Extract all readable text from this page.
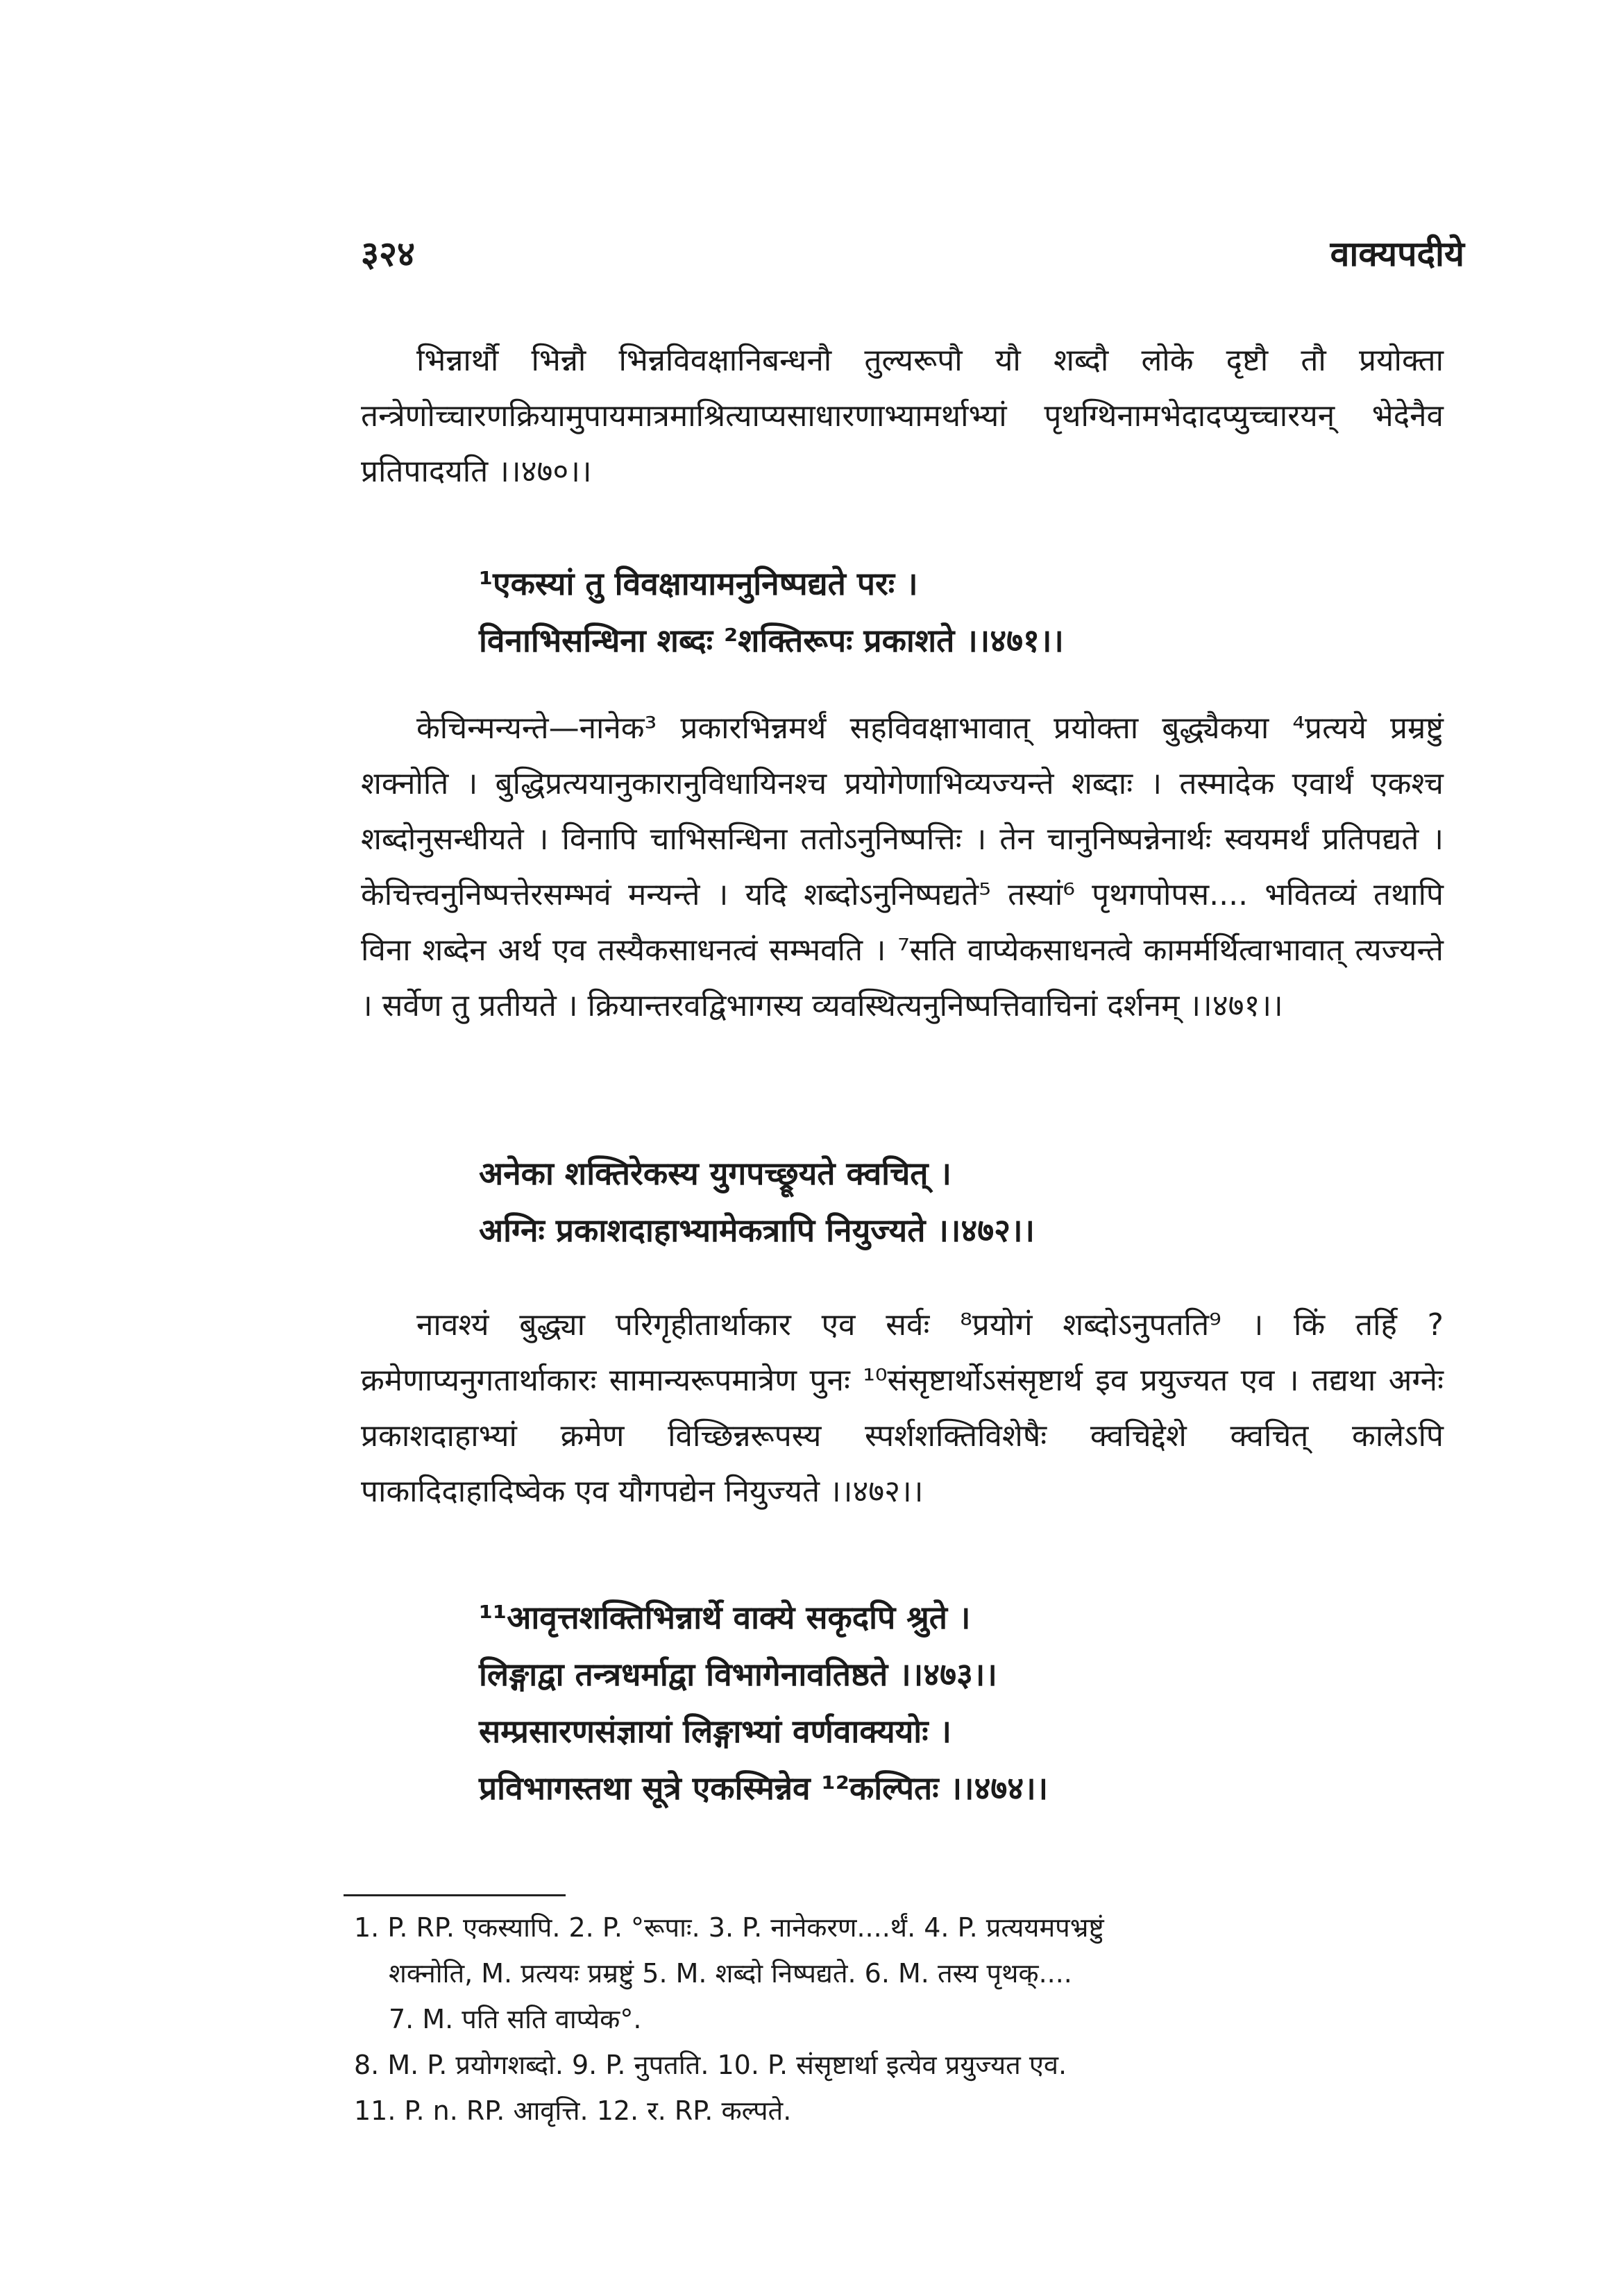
३२४	वाक्यपदीये

भिन्नार्थौ भिन्नौ भिन्नविवक्षानिबन्धनौ तुल्यरूपौ यौ शब्दौ लोके दृष्टौ तौ प्रयोक्ता तन्त्रेणोच्चारणक्रियामुपायमात्रमाश्रित्याप्यसाधारणाभ्यामर्थाभ्यां पृथग्थिनामभेदादप्युच्चारयन् भेदेनैव प्रतिपादयति ।।४७०।।

¹एकस्यां तु विवक्षायामनुनिष्पद्यते परः ।

विनाभिसन्धिना शब्दः ²शक्तिरूपः प्रकाशते ।।४७१।।

केचिन्मन्यन्ते—नानेक³ प्रकारभिन्नमर्थं सहविवक्षाभावात् प्रयोक्ता बुद्ध्यैकया ⁴प्रत्यये प्रम्रष्टुं शक्नोति । बुद्धिप्रत्ययानुकारानुविधायिनश्च प्रयोगेणाभिव्यज्यन्ते शब्दाः । तस्मादेक एवार्थं एकश्च शब्दोनुसन्धीयते । विनापि चाभिसन्धिना ततोऽनुनिष्पत्तिः । तेन चानुनिष्पन्नेनार्थः स्वयमर्थं प्रतिपद्यते । केचित्त्वनुनिष्पत्तेरसम्भवं मन्यन्ते । यदि शब्दोऽनुनिष्पद्यते⁵ तस्यां⁶ पृथगपोपस.... भवितव्यं तथापि विना शब्देन अर्थ एव तस्यैकसाधनत्वं सम्भवति । ⁷सति वाप्येकसाधनत्वे कामर्मर्थित्वाभावात् त्यज्यन्ते । सर्वेण तु प्रतीयते । क्रियान्तरवद्विभागस्य व्यवस्थित्यनुनिष्पत्तिवाचिनां दर्शनम् ।।४७१।।

अनेका शक्तिरेकस्य युगपच्छ्रूयते क्वचित् ।

अग्निः प्रकाशदाहाभ्यामेकत्रापि नियुज्यते ।।४७२।।

नावश्यं बुद्ध्या परिगृहीतार्थाकार एव सर्वः ⁸प्रयोगं शब्दोऽनुपतति⁹ । किं तर्हि ? क्रमेणाप्यनुगतार्थाकारः सामान्यरूपमात्रेण पुनः ¹⁰संसृष्टार्थोऽसंसृष्टार्थ इव प्रयुज्यत एव । तद्यथा अग्नेः प्रकाशदाहाभ्यां क्रमेण विच्छिन्नरूपस्य स्पर्शशक्तिविशेषैः क्वचिद्देशे क्वचित् कालेऽपि पाकादिदाहादिष्वेक एव यौगपद्येन नियुज्यते ।।४७२।।

¹¹आवृत्तशक्तिभिन्नार्थे वाक्ये सकृदपि श्रुते ।

लिङ्गाद्वा तन्त्रधर्माद्वा विभागेनावतिष्ठते ।।४७३।।

सम्प्रसारणसंज्ञायां लिङ्गाभ्यां वर्णवाक्ययोः ।

प्रविभागस्तथा सूत्रे एकस्मिन्नेव ¹²कल्पितः ।।४७४।।

1. P. RP. एकस्यापि. 2. P. °रूपाः. 3. P. नानेकरण....र्थं. 4. P. प्रत्ययमपभ्रष्टुं

शक्नोति, M. प्रत्ययः प्रम्रष्टुं 5. M. शब्दो निष्पद्यते. 6. M. तस्य पृथक्....

7. M. पति सति वाप्येक°.

8. M. P. प्रयोगशब्दो. 9. P. नुपतति. 10. P. संसृष्टार्था इत्येव प्रयुज्यत एव.

11. P. n. RP. आवृत्ति. 12. र. RP. कल्पते.
